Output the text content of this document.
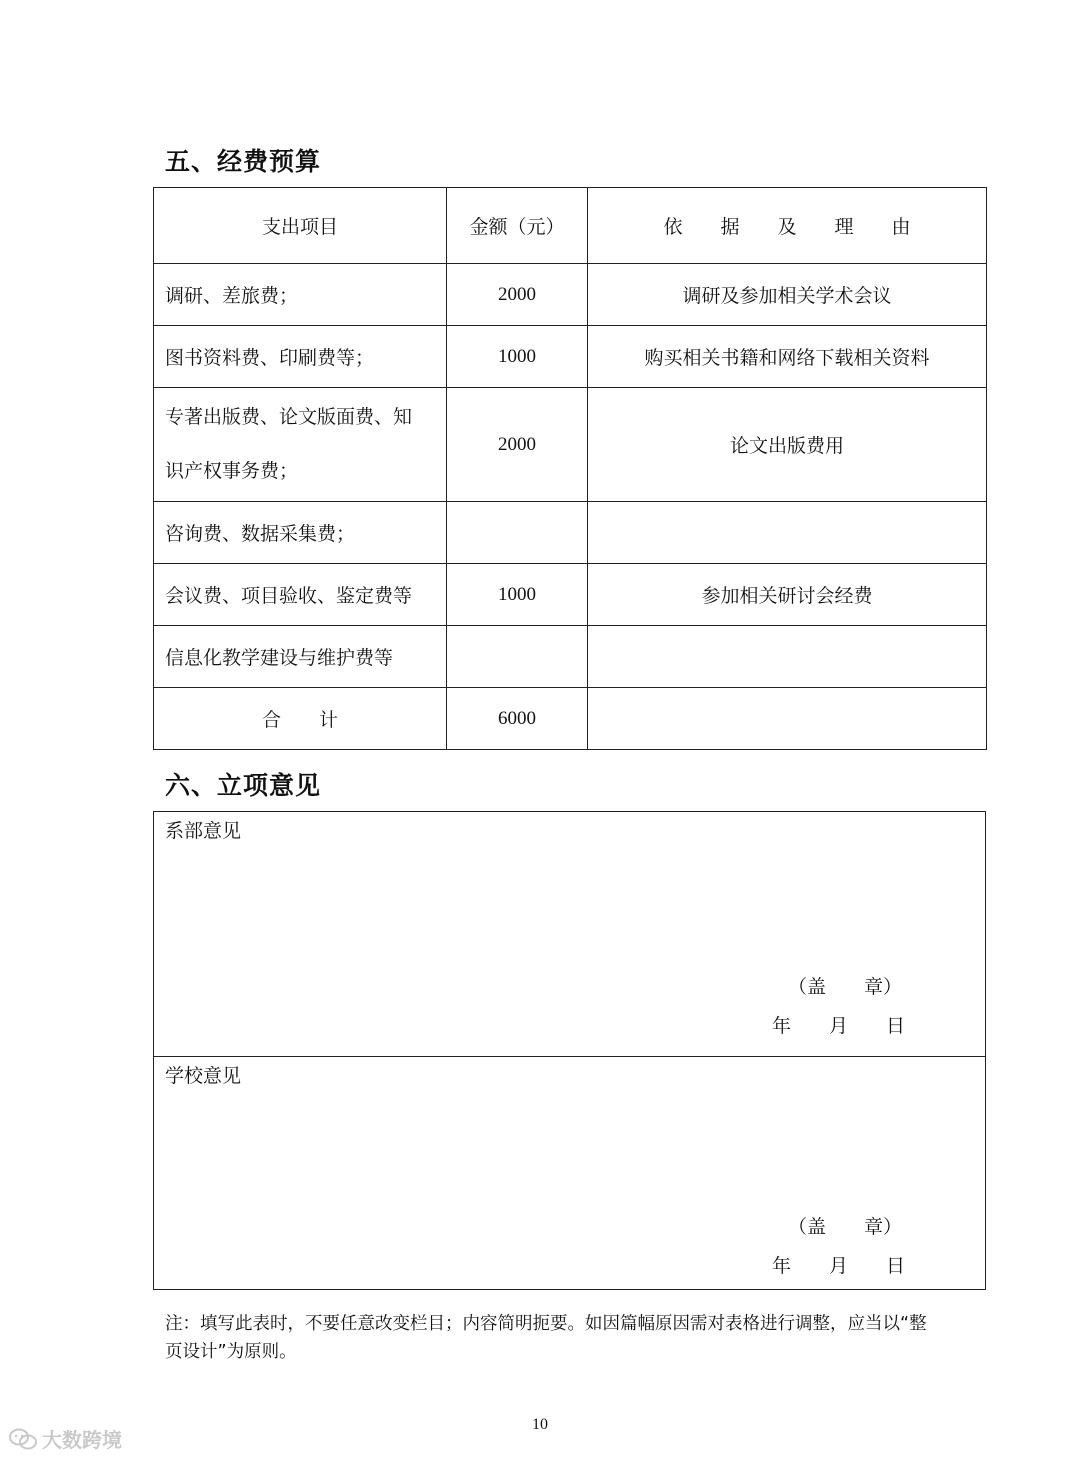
五、经费预算
支出项目	金额（元）	依　　据　　及　　理　　由
调研、差旅费；	2000	调研及参加相关学术会议
图书资料费、印刷费等；	1000	购买相关书籍和网络下载相关资料

专著出版费、论文版面费、知
识产权事务费；	2000	论文出版费用
咨询费、数据采集费；		
会议费、项目验收、鉴定费等	1000	参加相关研讨会经费
信息化教学建设与维护费等		
合　　计	6000	
六、立项意见
系部意见
（盖　　章）
年　　月　　日
学校意见
（盖　　章）
年　　月　　日
注：填写此表时，不要任意改变栏目；内容简明扼要。如因篇幅原因需对表格进行调整，应当以“整页设计”为原则。
10
大数跨境
